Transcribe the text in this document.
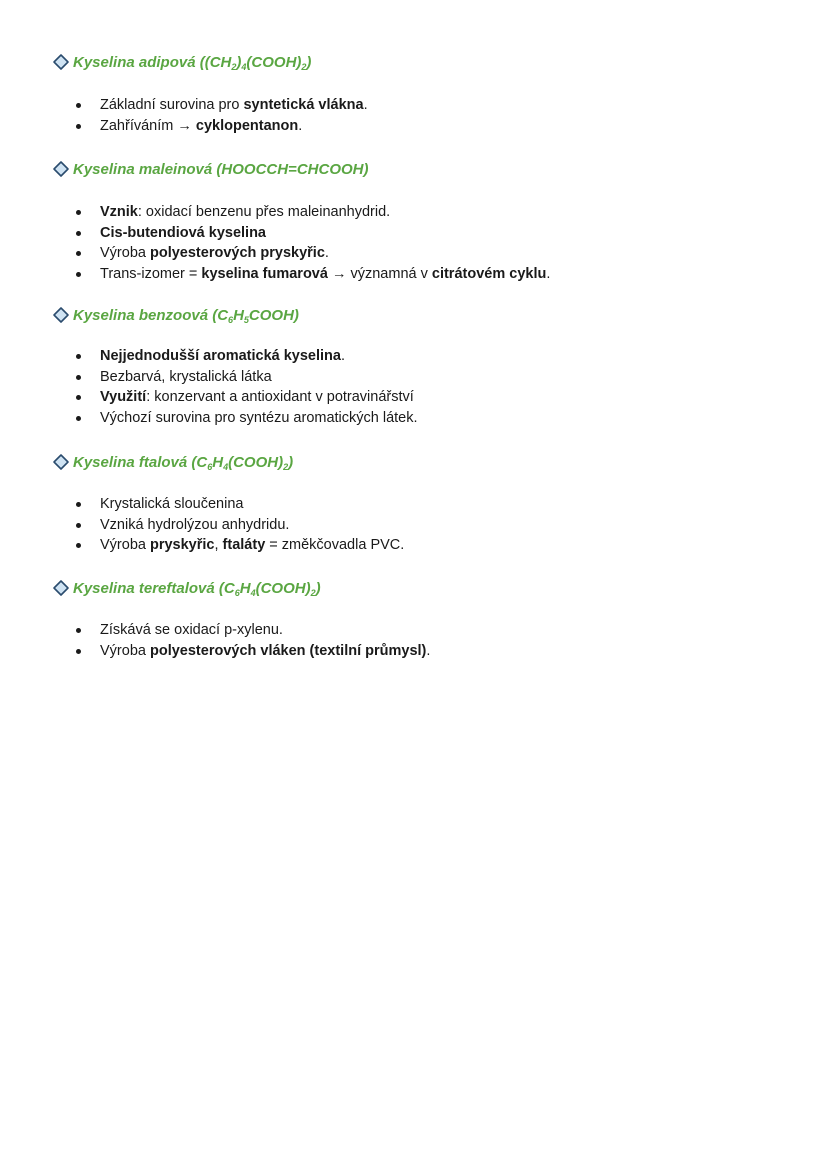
Kyselina adipová $((CH_2)_4(COOH)_2)$
Základní surovina pro syntetická vlákna.
Zahříváním → cyklopentanon.
Kyselina maleinová (HOOCCH=CHCOOH)
Vznik: oxidací benzenu přes maleinanhydrid.
Cis-butendiová kyselina
Výroba polyesterových pryskyřic.
Trans-izomer = kyselina fumarová → významná v citrátovém cyklu.
Kyselina benzoová $(C_6H_5COOH)$
Nejjednodušší aromatická kyselina.
Bezbarvá, krystalická látka
Využití: konzervant a antioxidant v potravinářství
Výchozí surovina pro syntézu aromatických látek.
Kyselina ftalová $(C_6H_4(COOH)_2)$
Krystalická sloučenina
Vzniká hydrolýzou anhydridu.
Výroba pryskyřic, ftaláty = změkčovadla PVC.
Kyselina tereftalová $(C_6H_4(COOH)_2)$
Získává se oxidací p-xylenu.
Výroba polyesterových vláken (textilní průmysl).
